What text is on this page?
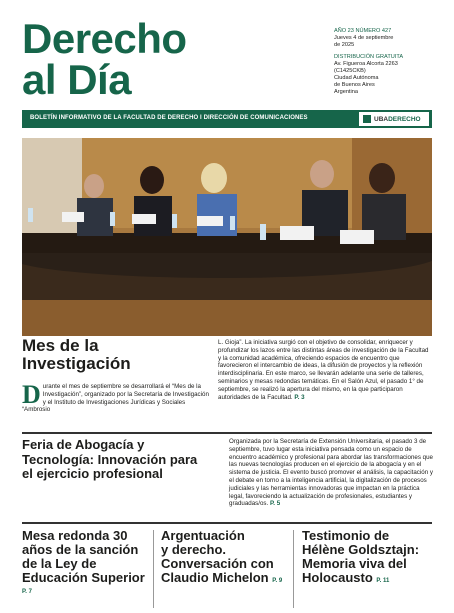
Derecho
al Día
AÑO 23 NÚMERO 427
Jueves 4 de septiembre
de 2025
DISTRIBUCIÓN GRATUITA
Av. Figueroa Alcorta 2263
(C1425CKB)
Ciudad Autónoma
de Buenos Aires
Argentina
BOLETÍN INFORMATIVO DE LA FACULTAD DE DERECHO I DIRECCIÓN DE COMUNICACIONES	UBADERECHO
Mes de la
Investigación
Durante el mes de septiembre se desarrollará el “Mes de la Investigación”, organizado por la Secretaría de Investigación y el Instituto de Investigaciones Jurídicas y Sociales “Ambrosio
L. Gioja”. La iniciativa surgió con el objetivo de consolidar, enriquecer y profundizar los lazos entre las distintas áreas de investigación de la Facultad y la comunidad académica, ofreciendo espacios de encuentro que favorecieron el intercambio de ideas, la difusión de proyectos y la reflexión interdisciplinaria. En este marco, se llevarán adelante una serie de talleres, seminarios y mesas redondas temáticas. En el Salón Azul, el pasado 1° de septiembre, se realizó la apertura del mismo, en la que participaron autoridades de la Facultad. P. 3
Feria de Abogacía y
Tecnología: Innovación para
el ejercicio profesional
Organizada por la Secretaría de Extensión Universitaria, el pasado 3 de septiembre, tuvo lugar esta iniciativa pensada como un espacio de encuentro académico y profesional para abordar las transformaciones que las nuevas tecnologías producen en el ejercicio de la abogacía y en el sistema de justicia. El evento buscó promover el análisis, la capacitación y el debate en torno a la inteligencia artificial, la digitalización de procesos judiciales y las herramientas innovadoras que impactan en la práctica legal, favoreciendo la actualización de profesionales, estudiantes y graduadas/os. P. 5
Mesa redonda 30
años de la sanción
de la Ley de
Educación Superior
P. 7
Argentuación
y derecho.
Conversación con
Claudio Michelon P. 9
Testimonio de
Hélène Goldsztajn:
Memoria viva del
Holocausto P. 11
